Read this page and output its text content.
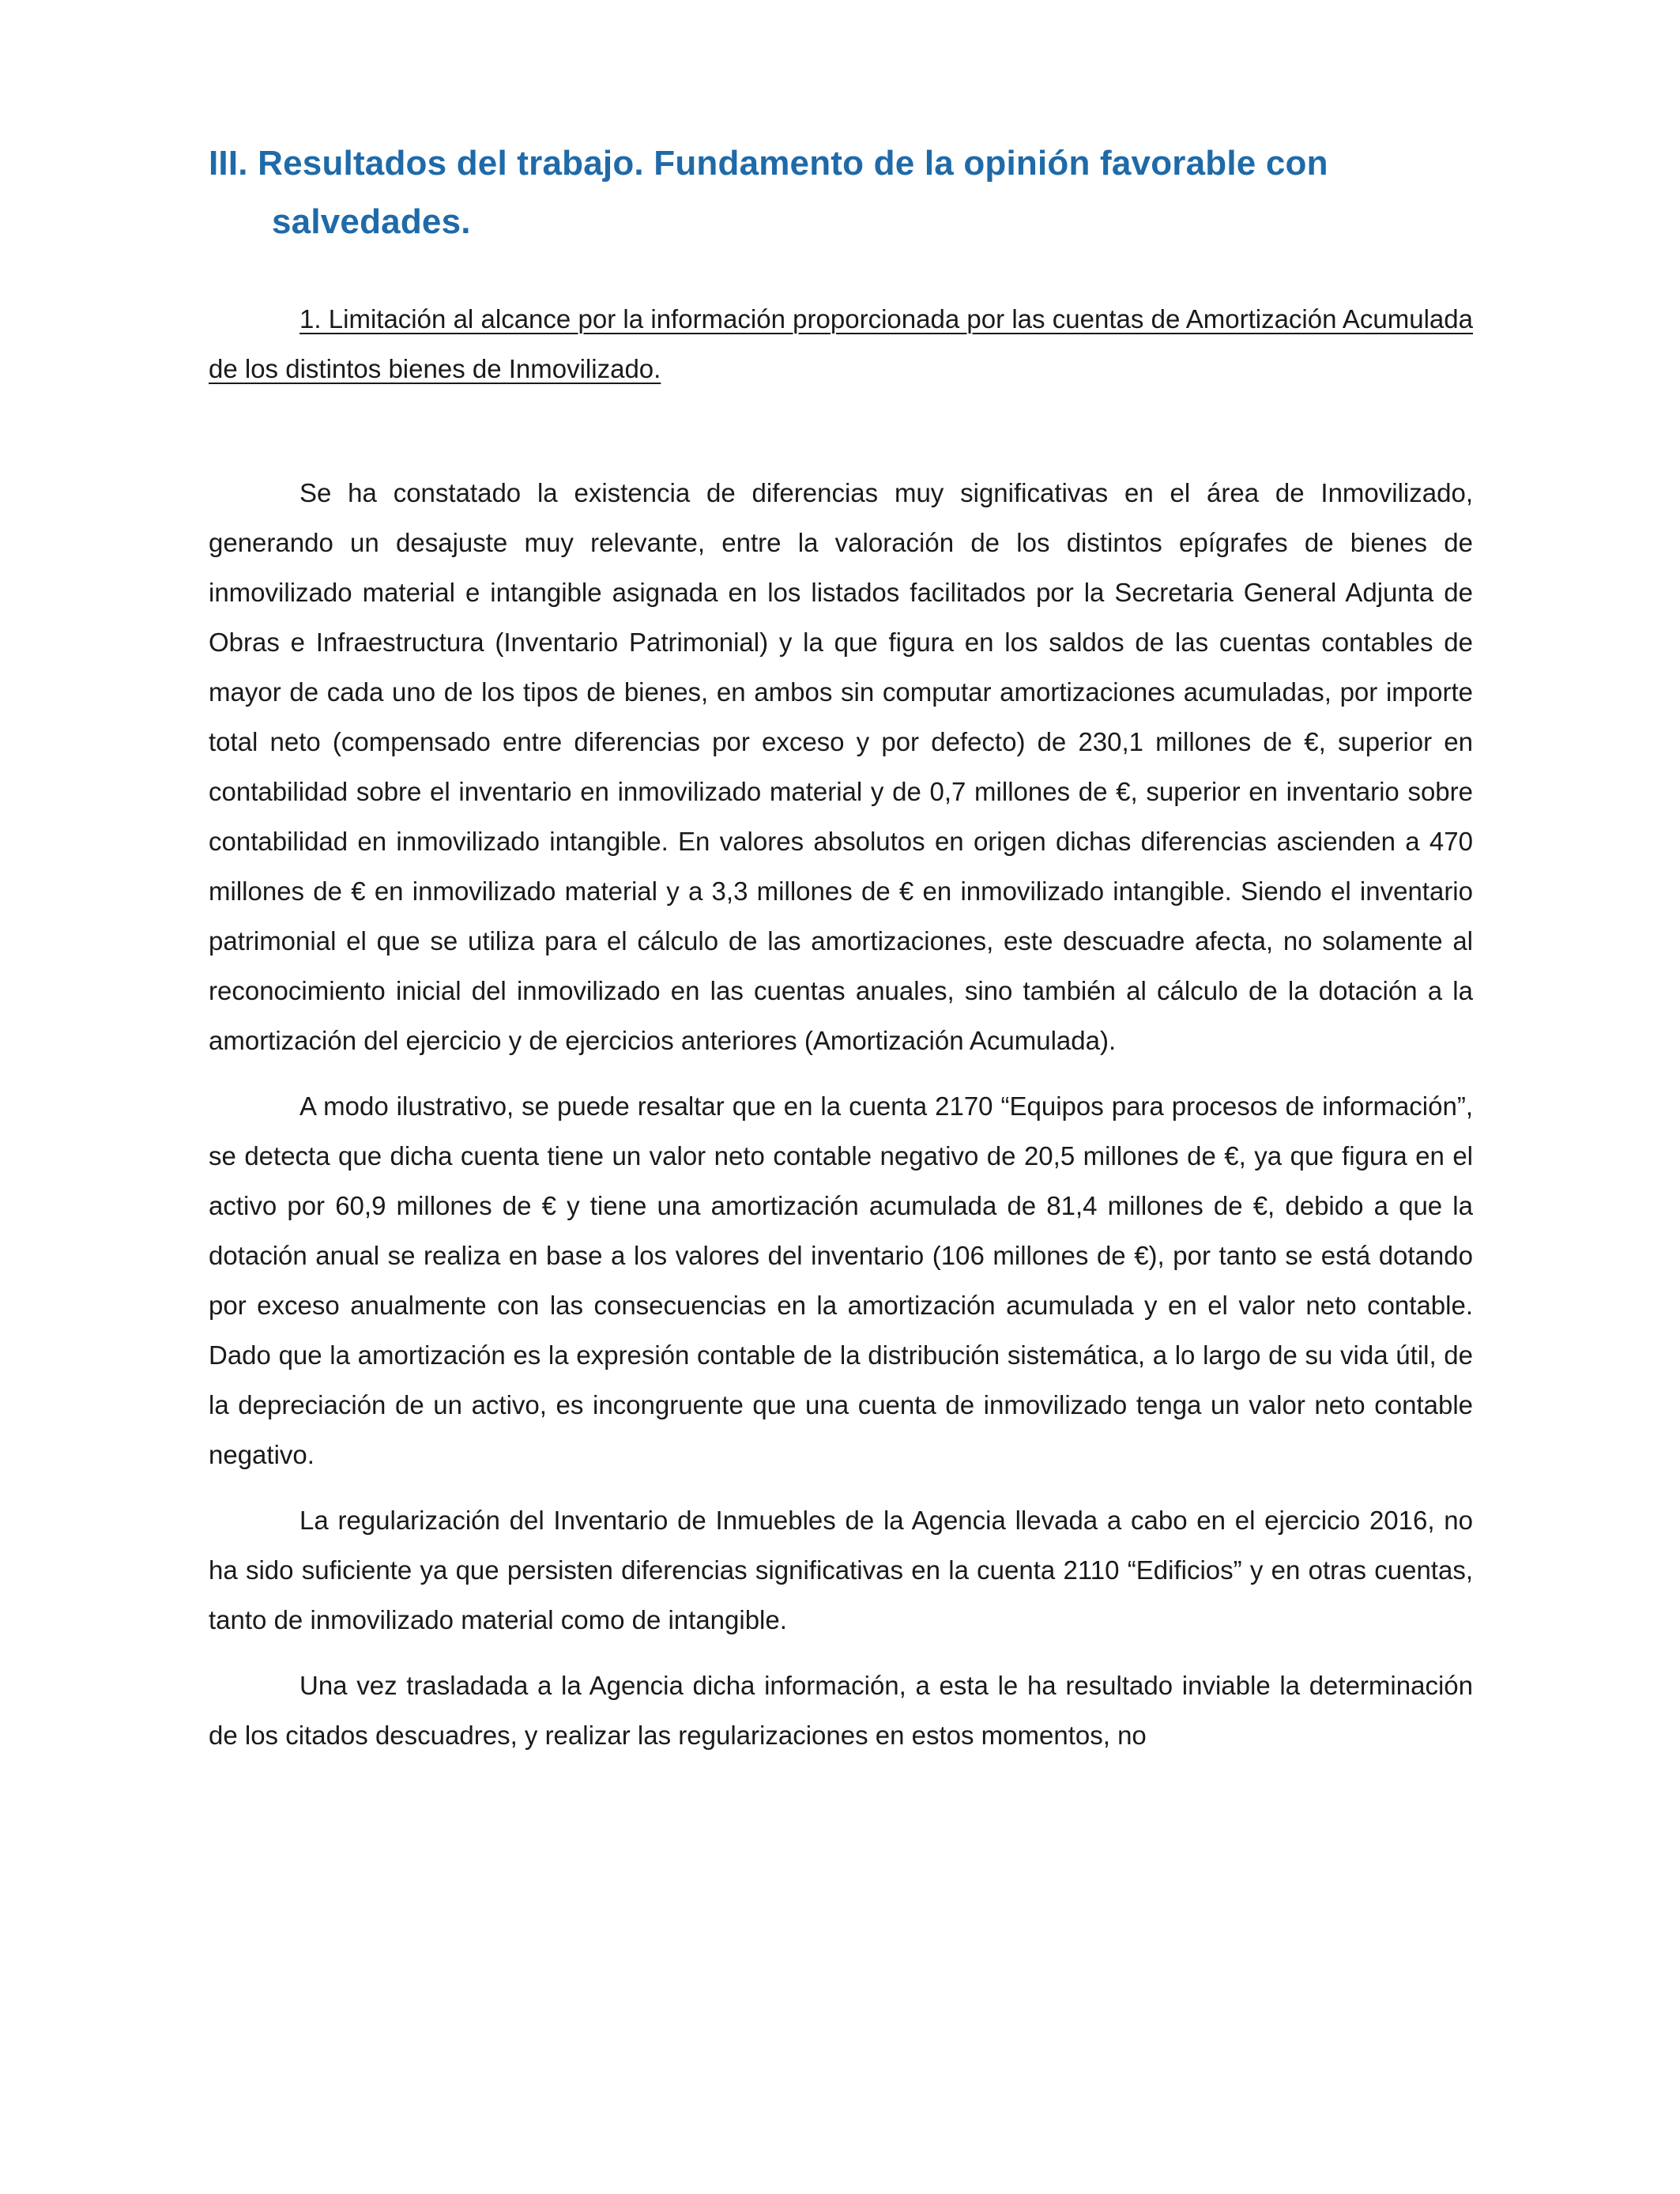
III. Resultados del trabajo. Fundamento de la opinión favorable con salvedades.

1. Limitación al alcance por la información proporcionada por las cuentas de Amortización Acumulada de los distintos bienes de Inmovilizado.

Se ha constatado la existencia de diferencias muy significativas en el área de Inmovilizado, generando un desajuste muy relevante, entre la valoración de los distintos epígrafes de bienes de inmovilizado material e intangible asignada en los listados facilitados por la Secretaria General Adjunta de Obras e Infraestructura (Inventario Patrimonial) y la que figura en los saldos de las cuentas contables de mayor de cada uno de los tipos de bienes, en ambos sin computar amortizaciones acumuladas, por importe total neto (compensado entre diferencias por exceso y por defecto) de 230,1 millones de €, superior en contabilidad sobre el inventario en inmovilizado material y de 0,7 millones de €, superior en inventario sobre contabilidad en inmovilizado intangible. En valores absolutos en origen dichas diferencias ascienden a 470 millones de € en inmovilizado material y a 3,3 millones de € en inmovilizado intangible. Siendo el inventario patrimonial el que se utiliza para el cálculo de las amortizaciones, este descuadre afecta, no solamente al reconocimiento inicial del inmovilizado en las cuentas anuales, sino también al cálculo de la dotación a la amortización del ejercicio y de ejercicios anteriores (Amortización Acumulada).

A modo ilustrativo, se puede resaltar que en la cuenta 2170 “Equipos para procesos de información”, se detecta que dicha cuenta tiene un valor neto contable negativo de 20,5 millones de €, ya que figura en el activo por 60,9 millones de € y tiene una amortización acumulada de 81,4 millones de €, debido a que la dotación anual se realiza en base a los valores del inventario (106 millones de €), por tanto se está dotando por exceso anualmente con las consecuencias en la amortización acumulada y en el valor neto contable. Dado que la amortización es la expresión contable de la distribución sistemática, a lo largo de su vida útil, de la depreciación de un activo, es incongruente que una cuenta de inmovilizado tenga un valor neto contable negativo.

La regularización del Inventario de Inmuebles de la Agencia llevada a cabo en el ejercicio 2016, no ha sido suficiente ya que persisten diferencias significativas en la cuenta 2110 “Edificios” y en otras cuentas, tanto de inmovilizado material como de intangible.

Una vez trasladada a la Agencia dicha información, a esta le ha resultado inviable la determinación de los citados descuadres, y realizar las regularizaciones en estos momentos, no
